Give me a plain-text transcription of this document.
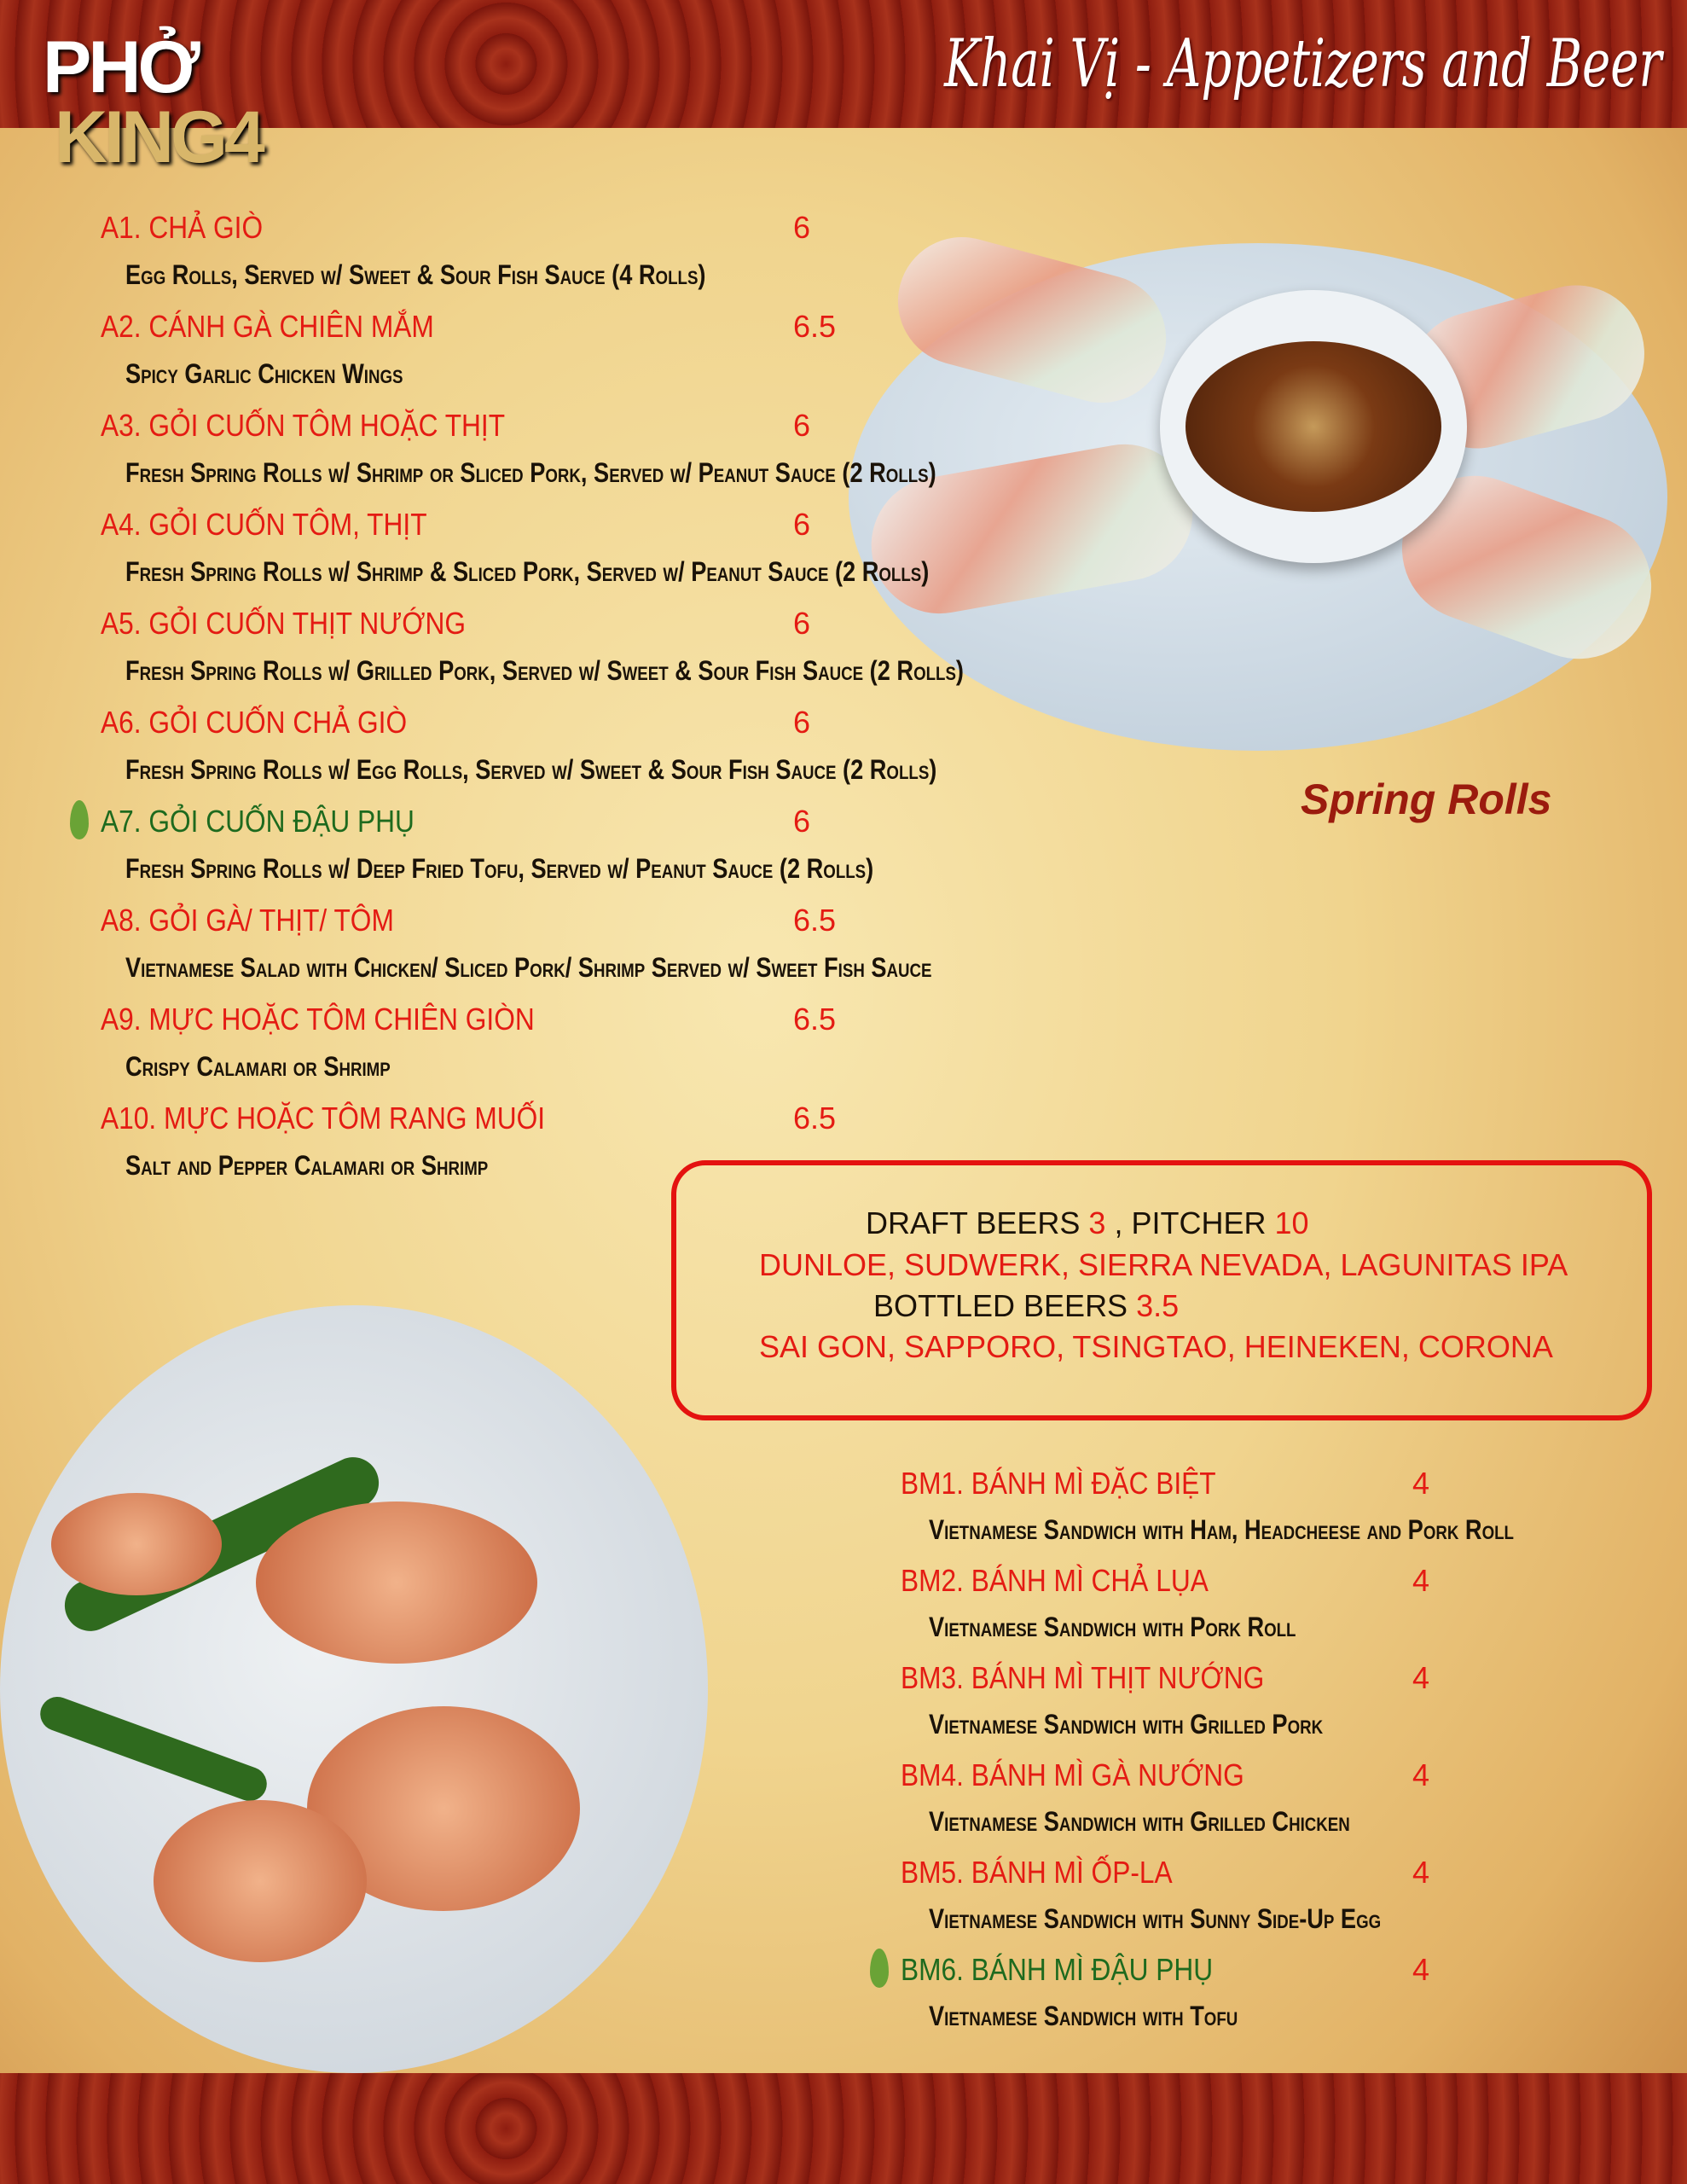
PHỞ
KING4
Khai Vị - Appetizers and Beer
Spring Rolls
A1. CHẢ GIÒ	6
Egg Rolls, Served w/ Sweet & Sour Fish Sauce (4 Rolls)
A2. CÁNH GÀ CHIÊN MẮM	6.5
Spicy Garlic Chicken Wings
A3. GỎI CUỐN TÔM HOẶC THỊT	6
Fresh Spring Rolls w/ Shrimp or Sliced Pork, Served w/ Peanut Sauce (2 Rolls)
A4. GỎI CUỐN TÔM, THỊT	6
Fresh Spring Rolls w/ Shrimp & Sliced Pork, Served w/ Peanut Sauce (2 Rolls)
A5. GỎI CUỐN THỊT NƯỚNG	6
Fresh Spring Rolls w/ Grilled Pork, Served w/ Sweet & Sour Fish Sauce (2 Rolls)
A6. GỎI CUỐN CHẢ GIÒ	6
Fresh Spring Rolls w/ Egg Rolls, Served w/ Sweet & Sour Fish Sauce (2 Rolls)
A7. GỎI CUỐN ĐẬU PHỤ	6
Fresh Spring Rolls w/ Deep Fried Tofu, Served w/ Peanut Sauce (2 Rolls)
A8. GỎI GÀ/ THỊT/ TÔM	6.5
Vietnamese Salad with Chicken/ Sliced Pork/ Shrimp Served w/ Sweet Fish Sauce
A9. MỰC HOẶC TÔM CHIÊN GIÒN	6.5
Crispy Calamari or Shrimp
A10. MỰC HOẶC TÔM RANG MUỐI	6.5
Salt and Pepper Calamari or Shrimp
DRAFT BEERS 3 , PITCHER 10
DUNLOE, SUDWERK, SIERRA NEVADA, LAGUNITAS IPA
BOTTLED BEERS 3.5
SAI GON, SAPPORO, TSINGTAO, HEINEKEN, CORONA
BM1. BÁNH MÌ ĐẶC BIỆT	4
Vietnamese Sandwich with Ham, Headcheese and Pork Roll
BM2. BÁNH MÌ CHẢ LỤA	4
Vietnamese Sandwich with Pork Roll
BM3. BÁNH MÌ THỊT NƯỚNG	4
Vietnamese Sandwich with Grilled Pork
BM4. BÁNH MÌ GÀ NƯỚNG	4
Vietnamese Sandwich with Grilled Chicken
BM5. BÁNH MÌ ỐP-LA	4
Vietnamese Sandwich with Sunny Side-Up Egg
BM6. BÁNH MÌ ĐẬU PHỤ	4
Vietnamese Sandwich with Tofu
